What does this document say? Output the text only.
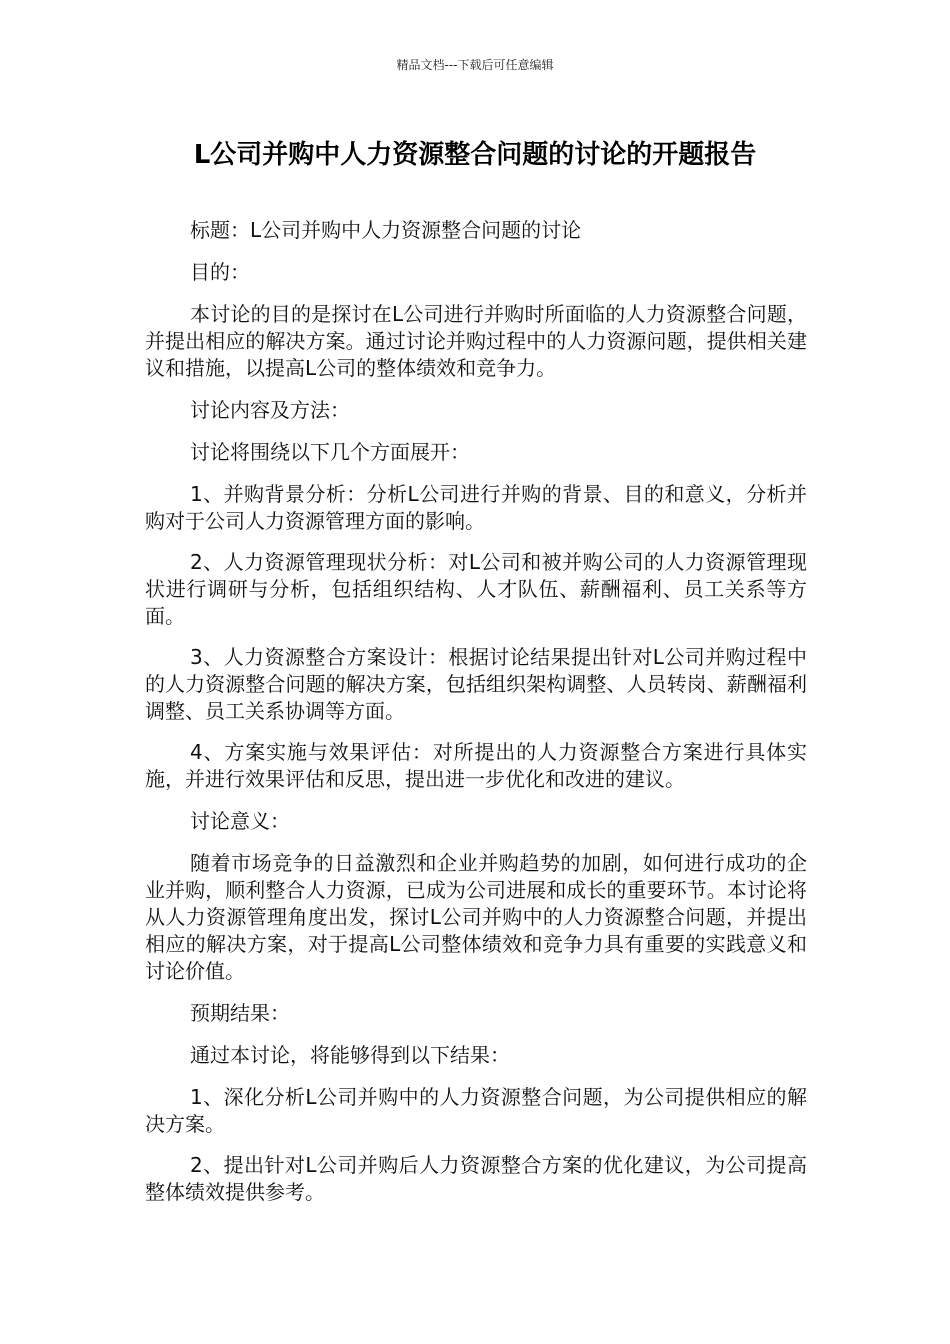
精品文档---下载后可任意编辑
L公司并购中人力资源整合问题的讨论的开题报告

标题：L公司并购中人力资源整合问题的讨论

目的：

本讨论的目的是探讨在L公司进行并购时所面临的人力资源整合问题，并提出相应的解决方案。通过讨论并购过程中的人力资源问题，提供相关建议和措施，以提高L公司的整体绩效和竞争力。

讨论内容及方法：

讨论将围绕以下几个方面展开：

1、并购背景分析：分析L公司进行并购的背景、目的和意义，分析并购对于公司人力资源管理方面的影响。

2、人力资源管理现状分析：对L公司和被并购公司的人力资源管理现状进行调研与分析，包括组织结构、人才队伍、薪酬福利、员工关系等方面。

3、人力资源整合方案设计：根据讨论结果提出针对L公司并购过程中的人力资源整合问题的解决方案，包括组织架构调整、人员转岗、薪酬福利调整、员工关系协调等方面。

4、方案实施与效果评估：对所提出的人力资源整合方案进行具体实施，并进行效果评估和反思，提出进一步优化和改进的建议。

讨论意义：

随着市场竞争的日益激烈和企业并购趋势的加剧，如何进行成功的企业并购，顺利整合人力资源，已成为公司进展和成长的重要环节。本讨论将从人力资源管理角度出发，探讨L公司并购中的人力资源整合问题，并提出相应的解决方案，对于提高L公司整体绩效和竞争力具有重要的实践意义和讨论价值。

预期结果：

通过本讨论，将能够得到以下结果：

1、深化分析L公司并购中的人力资源整合问题，为公司提供相应的解决方案。

2、提出针对L公司并购后人力资源整合方案的优化建议，为公司提高整体绩效提供参考。
